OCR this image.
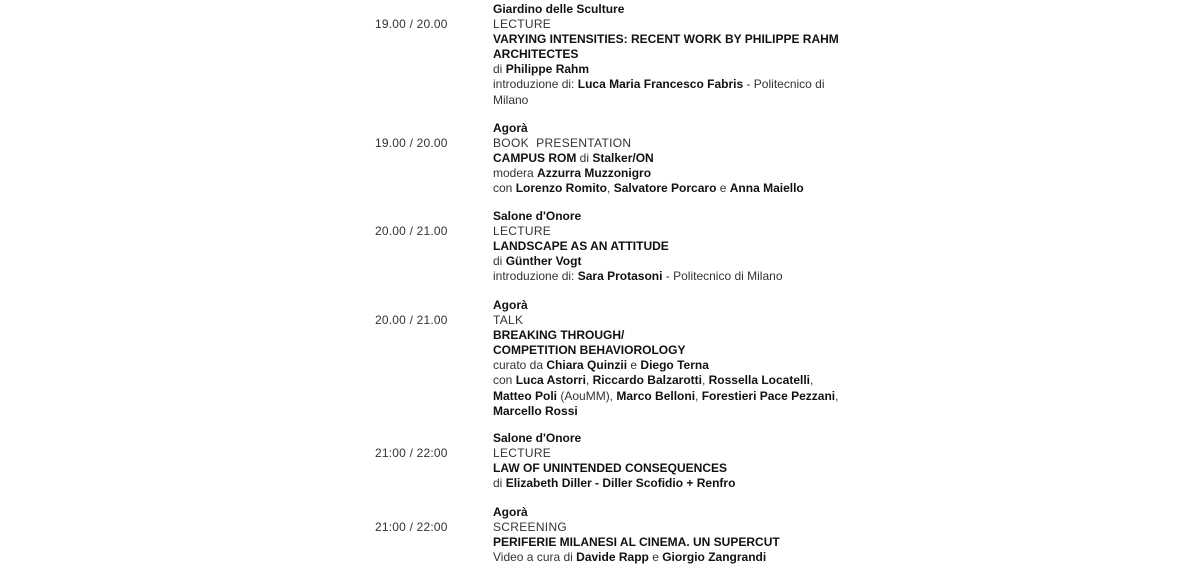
19.00 / 20.00
Giardino delle Sculture
LECTURE
VARYING INTENSITIES: RECENT WORK BY PHILIPPE RAHM
ARCHITECTES
di Philippe Rahm
introduzione di: Luca Maria Francesco Fabris - Politecnico di
Milano
19.00 / 20.00
Agorà
BOOK  PRESENTATION
CAMPUS ROM di Stalker/ON
modera Azzurra Muzzonigro
con Lorenzo Romito, Salvatore Porcaro e Anna Maiello
20.00 / 21.00
Salone d'Onore
LECTURE
LANDSCAPE AS AN ATTITUDE
di Günther Vogt
introduzione di: Sara Protasoni - Politecnico di Milano
20.00 / 21.00
Agorà
TALK
BREAKING THROUGH/
COMPETITION BEHAVIOROLOGY
curato da Chiara Quinzii e Diego Terna
con Luca Astorri, Riccardo Balzarotti, Rossella Locatelli,
Matteo Poli (AouMM), Marco Belloni, Forestieri Pace Pezzani,
Marcello Rossi
21:00 / 22:00
Salone d'Onore
LECTURE
LAW OF UNINTENDED CONSEQUENCES
di Elizabeth Diller - Diller Scofidio + Renfro
21:00 / 22:00
Agorà
SCREENING
PERIFERIE MILANESI AL CINEMA. UN SUPERCUT
Video a cura di Davide Rapp e Giorgio Zangrandi
